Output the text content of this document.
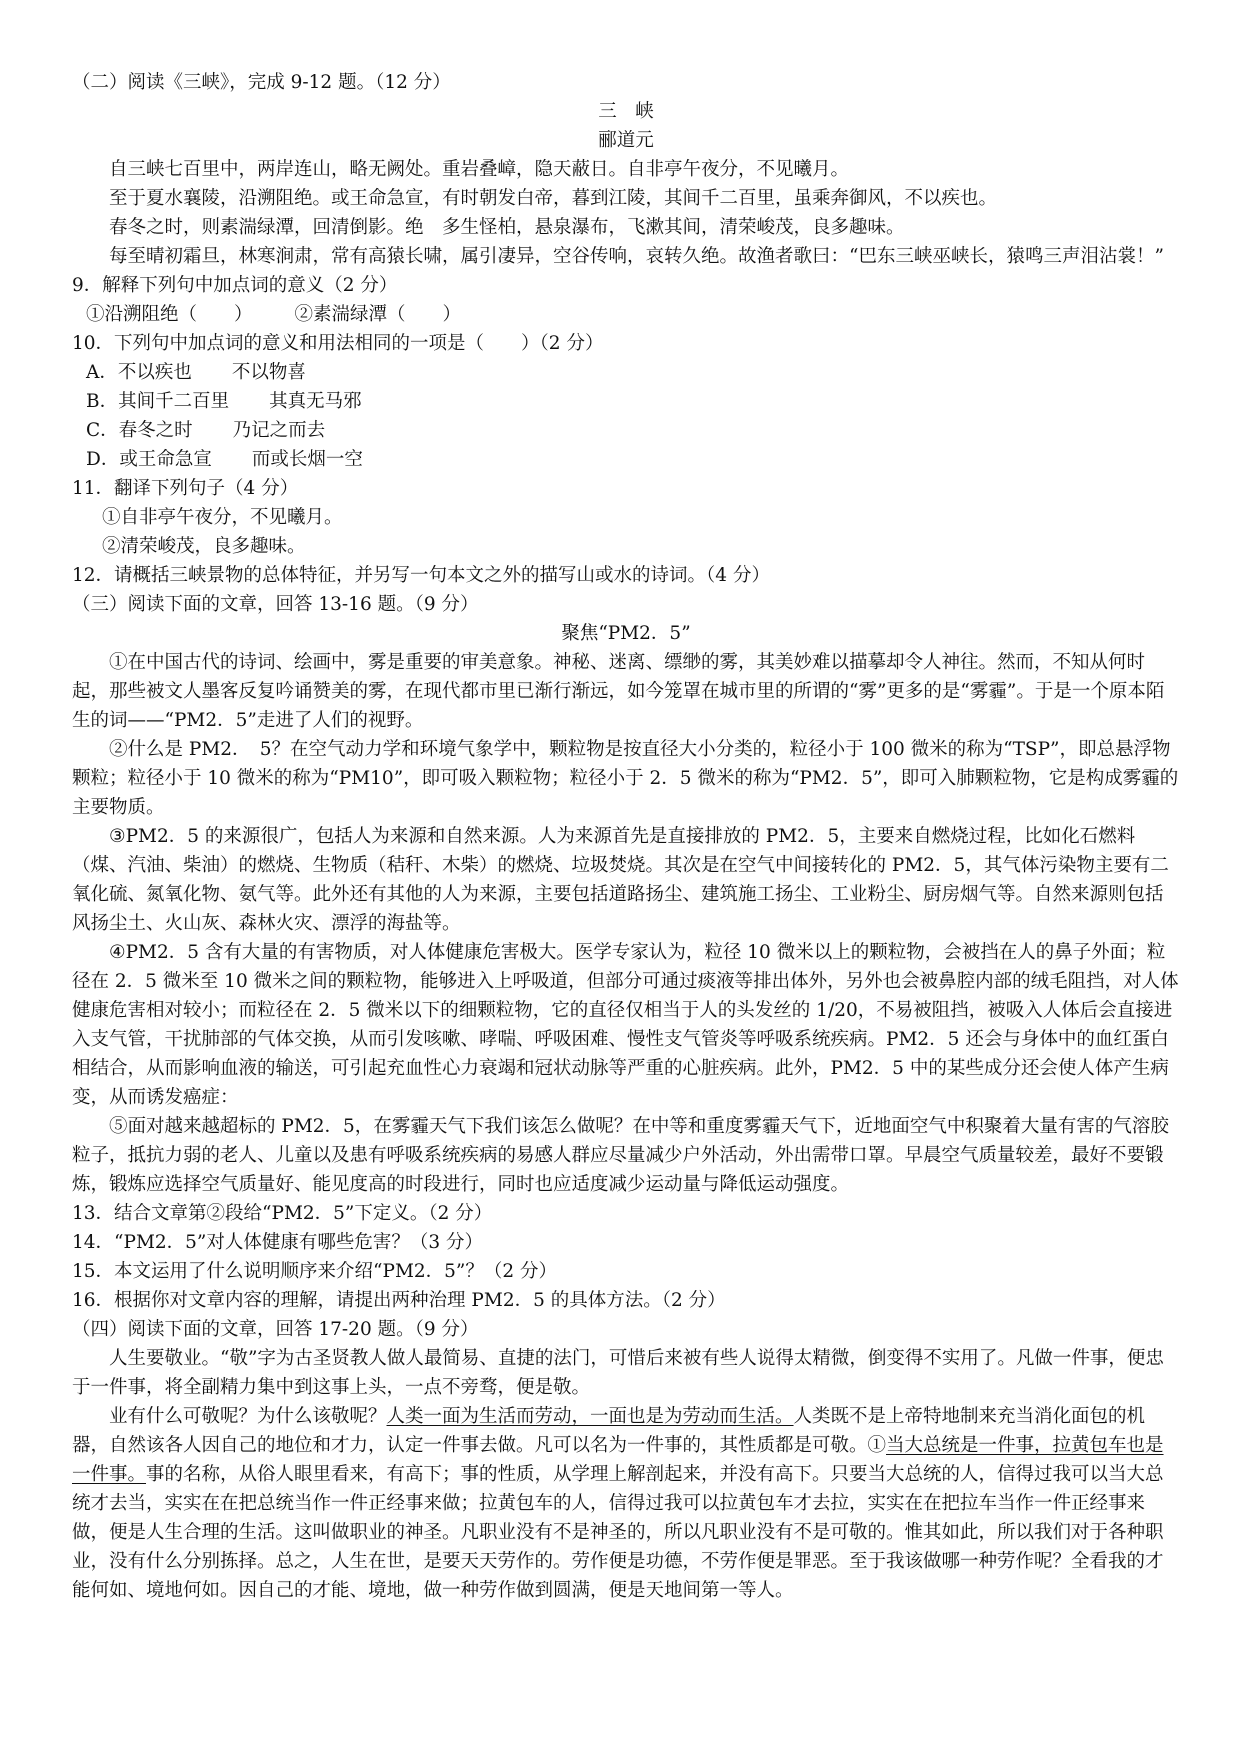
（二）阅读《三峡》，完成 9-12 题。（12 分）

三　峡

郦道元

自三峡七百里中，两岸连山，略无阙处。重岩叠嶂，隐天蔽日。自非亭午夜分，不见曦月。

至于夏水襄陵，沿溯阻绝。或王命急宣，有时朝发白帝，暮到江陵，其间千二百里，虽乘奔御风，不以疾也。

春冬之时，则素湍绿潭，回清倒影。绝　多生怪柏，悬泉瀑布，飞漱其间，清荣峻茂，良多趣味。

每至晴初霜旦，林寒涧肃，常有高猿长啸，属引凄异，空谷传响，哀转久绝。故渔者歌曰：“巴东三峡巫峡长，猿鸣三声泪沾裳！”

9．解释下列句中加点词的意义（2 分）

①沿溯阻绝（　　） ②素湍绿潭（　　）

10．下列句中加点词的意义和用法相同的一项是（　　）（2 分）

A．不以疾也 不以物喜

B．其间千二百里 其真无马邪

C．春冬之时 乃记之而去

D．或王命急宣 而或长烟一空

11．翻译下列句子（4 分）

①自非亭午夜分，不见曦月。

②清荣峻茂，良多趣味。

12．请概括三峡景物的总体特征，并另写一句本文之外的描写山或水的诗词。（4 分）

（三）阅读下面的文章，回答 13-16 题。（9 分）

聚焦“PM2．5”

①在中国古代的诗词、绘画中，雾是重要的审美意象。神秘、迷离、缥缈的雾，其美妙难以描摹却令人神往。然而，不知从何时起，那些被文人墨客反复吟诵赞美的雾，在现代都市里已渐行渐远，如今笼罩在城市里的所谓的“雾”更多的是“雾霾”。于是一个原本陌生的词——“PM2．5”走进了人们的视野。

②什么是 PM2．　5？在空气动力学和环境气象学中，颗粒物是按直径大小分类的，粒径小于 100 微米的称为“TSP”，即总悬浮物颗粒；粒径小于 10 微米的称为“PM10”，即可吸入颗粒物；粒径小于 2．5 微米的称为“PM2．5”，即可入肺颗粒物，它是构成雾霾的主要物质。

③PM2．5 的来源很广，包括人为来源和自然来源。人为来源首先是直接排放的 PM2．5，主要来自燃烧过程，比如化石燃料（煤、汽油、柴油）的燃烧、生物质（秸秆、木柴）的燃烧、垃圾焚烧。其次是在空气中间接转化的 PM2．5，其气体污染物主要有二氧化硫、氮氧化物、氨气等。此外还有其他的人为来源，主要包括道路扬尘、建筑施工扬尘、工业粉尘、厨房烟气等。自然来源则包括风扬尘土、火山灰、森林火灾、漂浮的海盐等。

④PM2．5 含有大量的有害物质，对人体健康危害极大。医学专家认为，粒径 10 微米以上的颗粒物，会被挡在人的鼻子外面；粒径在 2．5 微米至 10 微米之间的颗粒物，能够进入上呼吸道，但部分可通过痰液等排出体外，另外也会被鼻腔内部的绒毛阻挡，对人体健康危害相对较小；而粒径在 2．5 微米以下的细颗粒物，它的直径仅相当于人的头发丝的 1/20，不易被阻挡，被吸入人体后会直接进入支气管，干扰肺部的气体交换，从而引发咳嗽、哮喘、呼吸困难、慢性支气管炎等呼吸系统疾病。PM2．5 还会与身体中的血红蛋白相结合，从而影响血液的输送，可引起充血性心力衰竭和冠状动脉等严重的心脏疾病。此外，PM2．5 中的某些成分还会使人体产生病变，从而诱发癌症：

⑤面对越来越超标的 PM2．5，在雾霾天气下我们该怎么做呢？在中等和重度雾霾天气下，近地面空气中积聚着大量有害的气溶胶粒子，抵抗力弱的老人、儿童以及患有呼吸系统疾病的易感人群应尽量减少户外活动，外出需带口罩。早晨空气质量较差，最好不要锻炼，锻炼应选择空气质量好、能见度高的时段进行，同时也应适度减少运动量与降低运动强度。

13．结合文章第②段给“PM2．5”下定义。（2 分）

14．“PM2．5”对人体健康有哪些危害？（3 分）

15．本文运用了什么说明顺序来介绍“PM2．5”？（2 分）

16．根据你对文章内容的理解，请提出两种治理 PM2．5 的具体方法。（2 分）

（四）阅读下面的文章，回答 17-20 题。（9 分）

人生要敬业。“敬”字为古圣贤教人做人最简易、直捷的法门，可惜后来被有些人说得太精微，倒变得不实用了。凡做一件事，便忠于一件事，将全副精力集中到这事上头，一点不旁骛，便是敬。

业有什么可敬呢？为什么该敬呢？人类一面为生活而劳动，一面也是为劳动而生活。人类既不是上帝特地制来充当消化面包的机器，自然该各人因自己的地位和才力，认定一件事去做。凡可以名为一件事的，其性质都是可敬。①当大总统是一件事，拉黄包车也是一件事。事的名称，从俗人眼里看来，有高下；事的性质，从学理上解剖起来，并没有高下。只要当大总统的人，信得过我可以当大总统才去当，实实在在把总统当作一件正经事来做；拉黄包车的人，信得过我可以拉黄包车才去拉，实实在在把拉车当作一件正经事来做，便是人生合理的生活。这叫做职业的神圣。凡职业没有不是神圣的，所以凡职业没有不是可敬的。惟其如此，所以我们对于各种职业，没有什么分别拣择。总之，人生在世，是要天天劳作的。劳作便是功德，不劳作便是罪恶。至于我该做哪一种劳作呢？全看我的才能何如、境地何如。因自己的才能、境地，做一种劳作做到圆满，便是天地间第一等人。
